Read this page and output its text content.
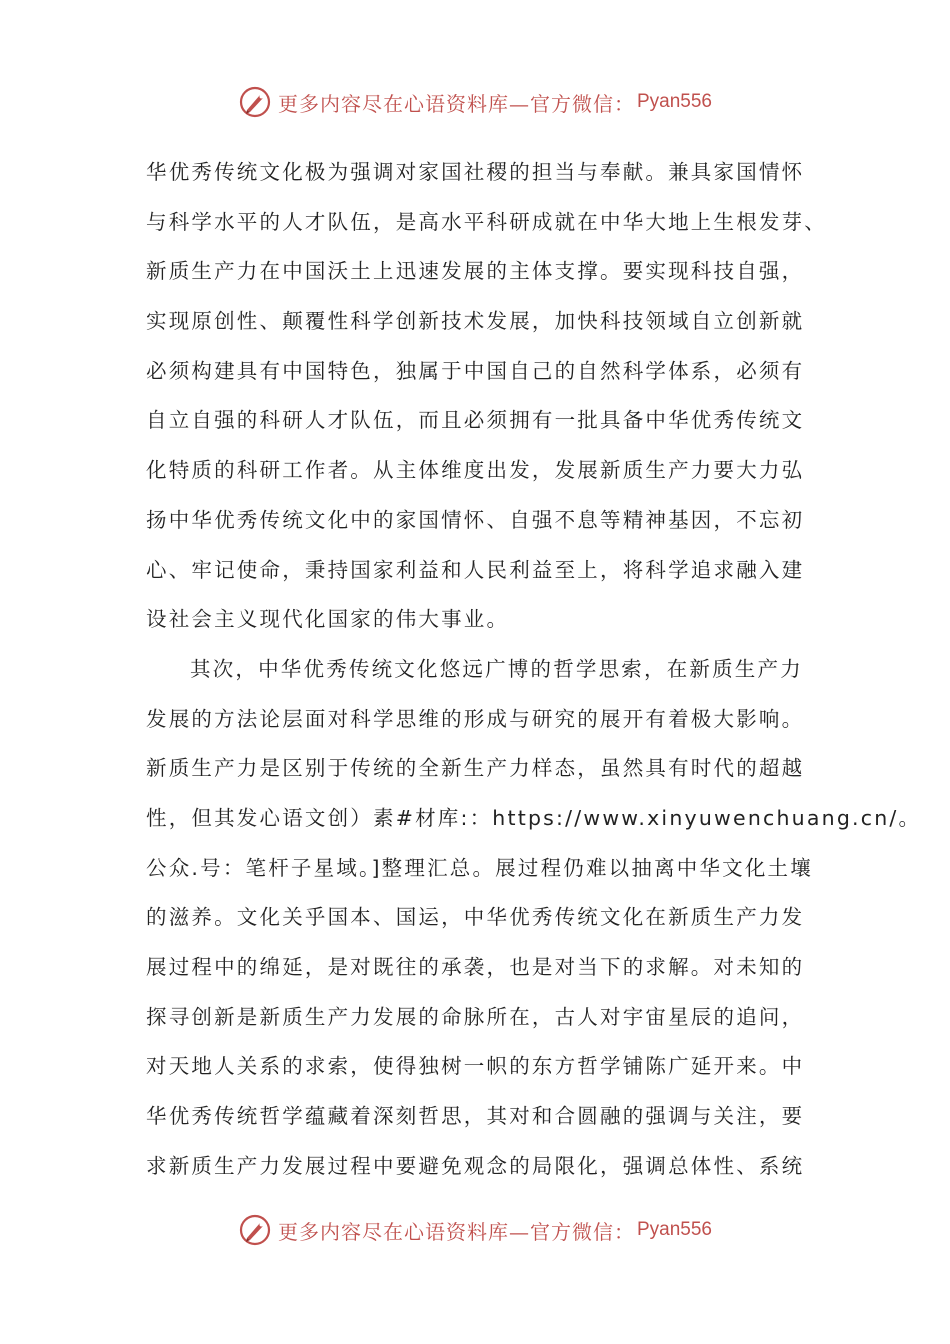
更多内容尽在心语资料库—官方微信： Pyan556
华优秀传统文化极为强调对家国社稷的担当与奉献。兼具家国情怀
与科学水平的人才队伍，是高水平科研成就在中华大地上生根发芽、
新质生产力在中国沃土上迅速发展的主体支撑。要实现科技自强，
实现原创性、颠覆性科学创新技术发展，加快科技领域自立创新就
必须构建具有中国特色，独属于中国自己的自然科学体系，必须有
自立自强的科研人才队伍，而且必须拥有一批具备中华优秀传统文
化特质的科研工作者。从主体维度出发，发展新质生产力要大力弘
扬中华优秀传统文化中的家国情怀、自强不息等精神基因，不忘初
心、牢记使命，秉持国家利益和人民利益至上，将科学追求融入建
设社会主义现代化国家的伟大事业。
其次，中华优秀传统文化悠远广博的哲学思索，在新质生产力
发展的方法论层面对科学思维的形成与研究的展开有着极大影响。
新质生产力是区别于传统的全新生产力样态，虽然具有时代的超越
性，但其发心语文创）素#材库:：https://www.xinyuwenchuang.cn/。
公众.号：笔杆子星域。]整理汇总。展过程仍难以抽离中华文化土壤
的滋养。文化关乎国本、国运，中华优秀传统文化在新质生产力发
展过程中的绵延，是对既往的承袭，也是对当下的求解。对未知的
探寻创新是新质生产力发展的命脉所在，古人对宇宙星辰的追问，
对天地人关系的求索，使得独树一帜的东方哲学铺陈广延开来。中
华优秀传统哲学蕴藏着深刻哲思，其对和合圆融的强调与关注，要
求新质生产力发展过程中要避免观念的局限化，强调总体性、系统
更多内容尽在心语资料库—官方微信： Pyan556
